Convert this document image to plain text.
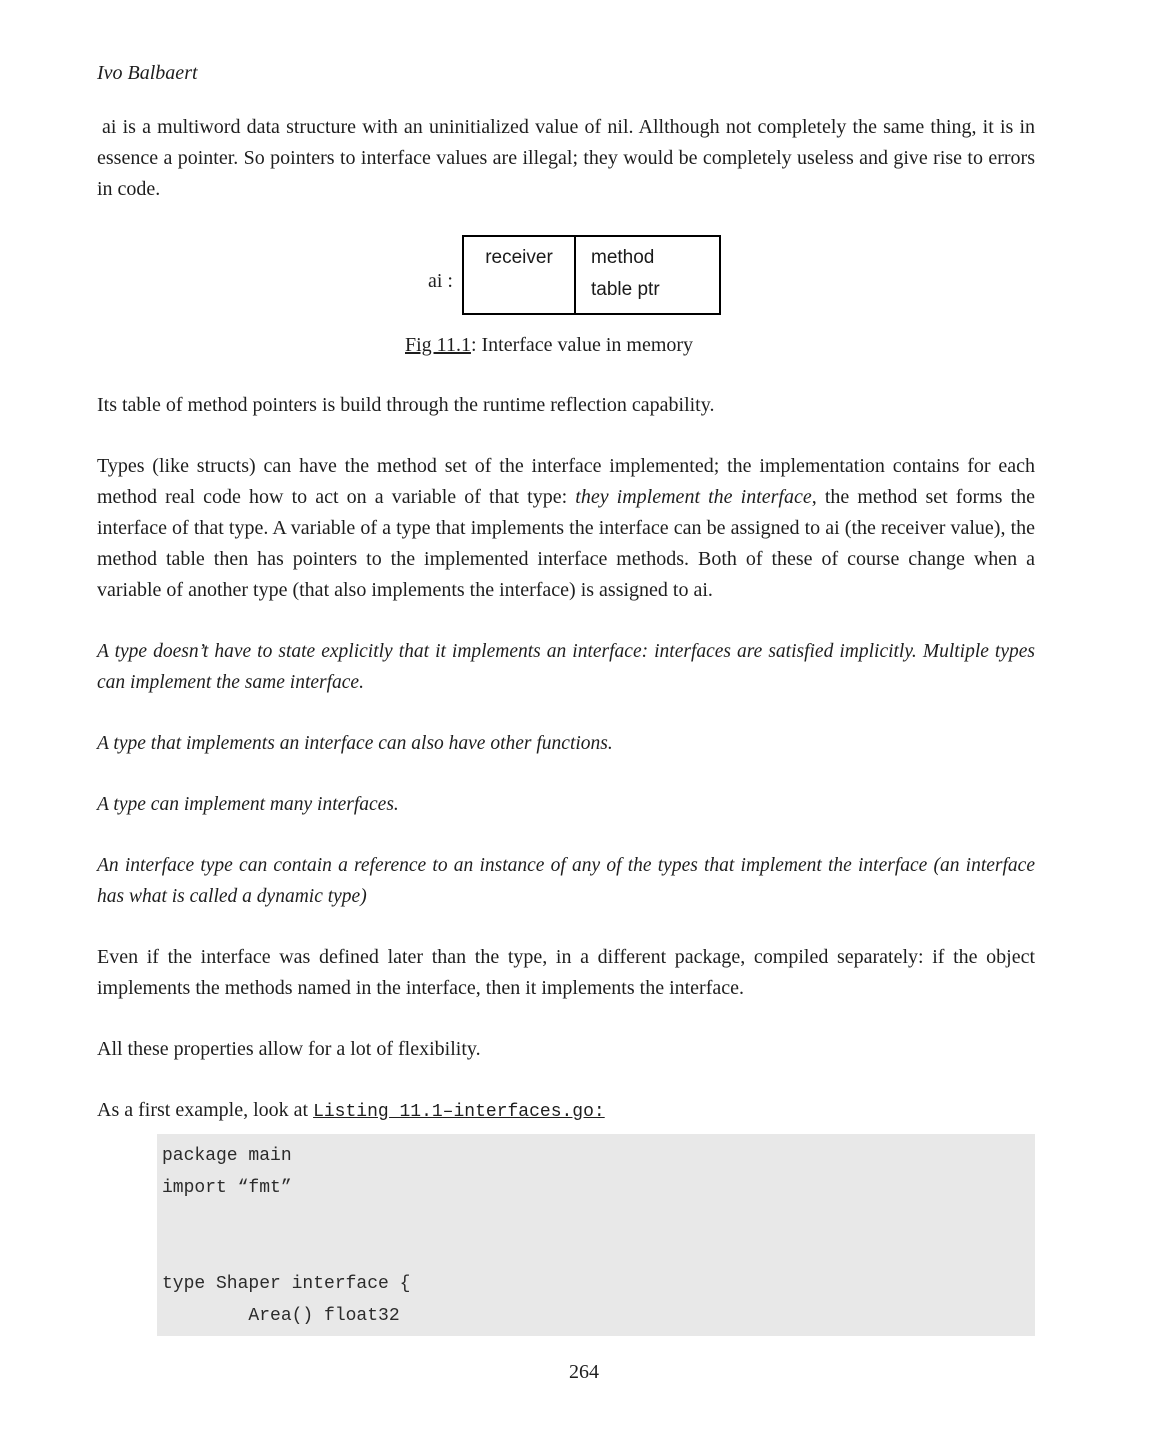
Ivo Balbaert

ai is a multiword data structure with an uninitialized value of nil. Allthough not completely the same thing, it is in essence a pointer. So pointers to interface values are illegal; they would be completely useless and give rise to errors in code.

ai :
receiver	method
table ptr
Fig 11.1: Interface value in memory

Its table of method pointers is build through the runtime reflection capability.

Types (like structs) can have the method set of the interface implemented; the implementation contains for each method real code how to act on a variable of that type: they implement the interface, the method set forms the interface of that type. A variable of a type that implements the interface can be assigned to ai (the receiver value), the method table then has pointers to the implemented interface methods. Both of these of course change when a variable of another type (that also implements the interface) is assigned to ai.

A type doesn’t have to state explicitly that it implements an interface: interfaces are satisfied implicitly. Multiple types can implement the same interface.

A type that implements an interface can also have other functions.

A type can implement many interfaces.

An interface type can contain a reference to an instance of any of the types that implement the interface (an interface has what is called a dynamic type)

Even if the interface was defined later than the type, in a different package, compiled separately: if the object implements the methods named in the interface, then it implements the interface.

All these properties allow for a lot of flexibility.

As a first example, look at Listing 11.1–interfaces.go:

package main
import “fmt”
type Shaper interface {
Area() float32
264
